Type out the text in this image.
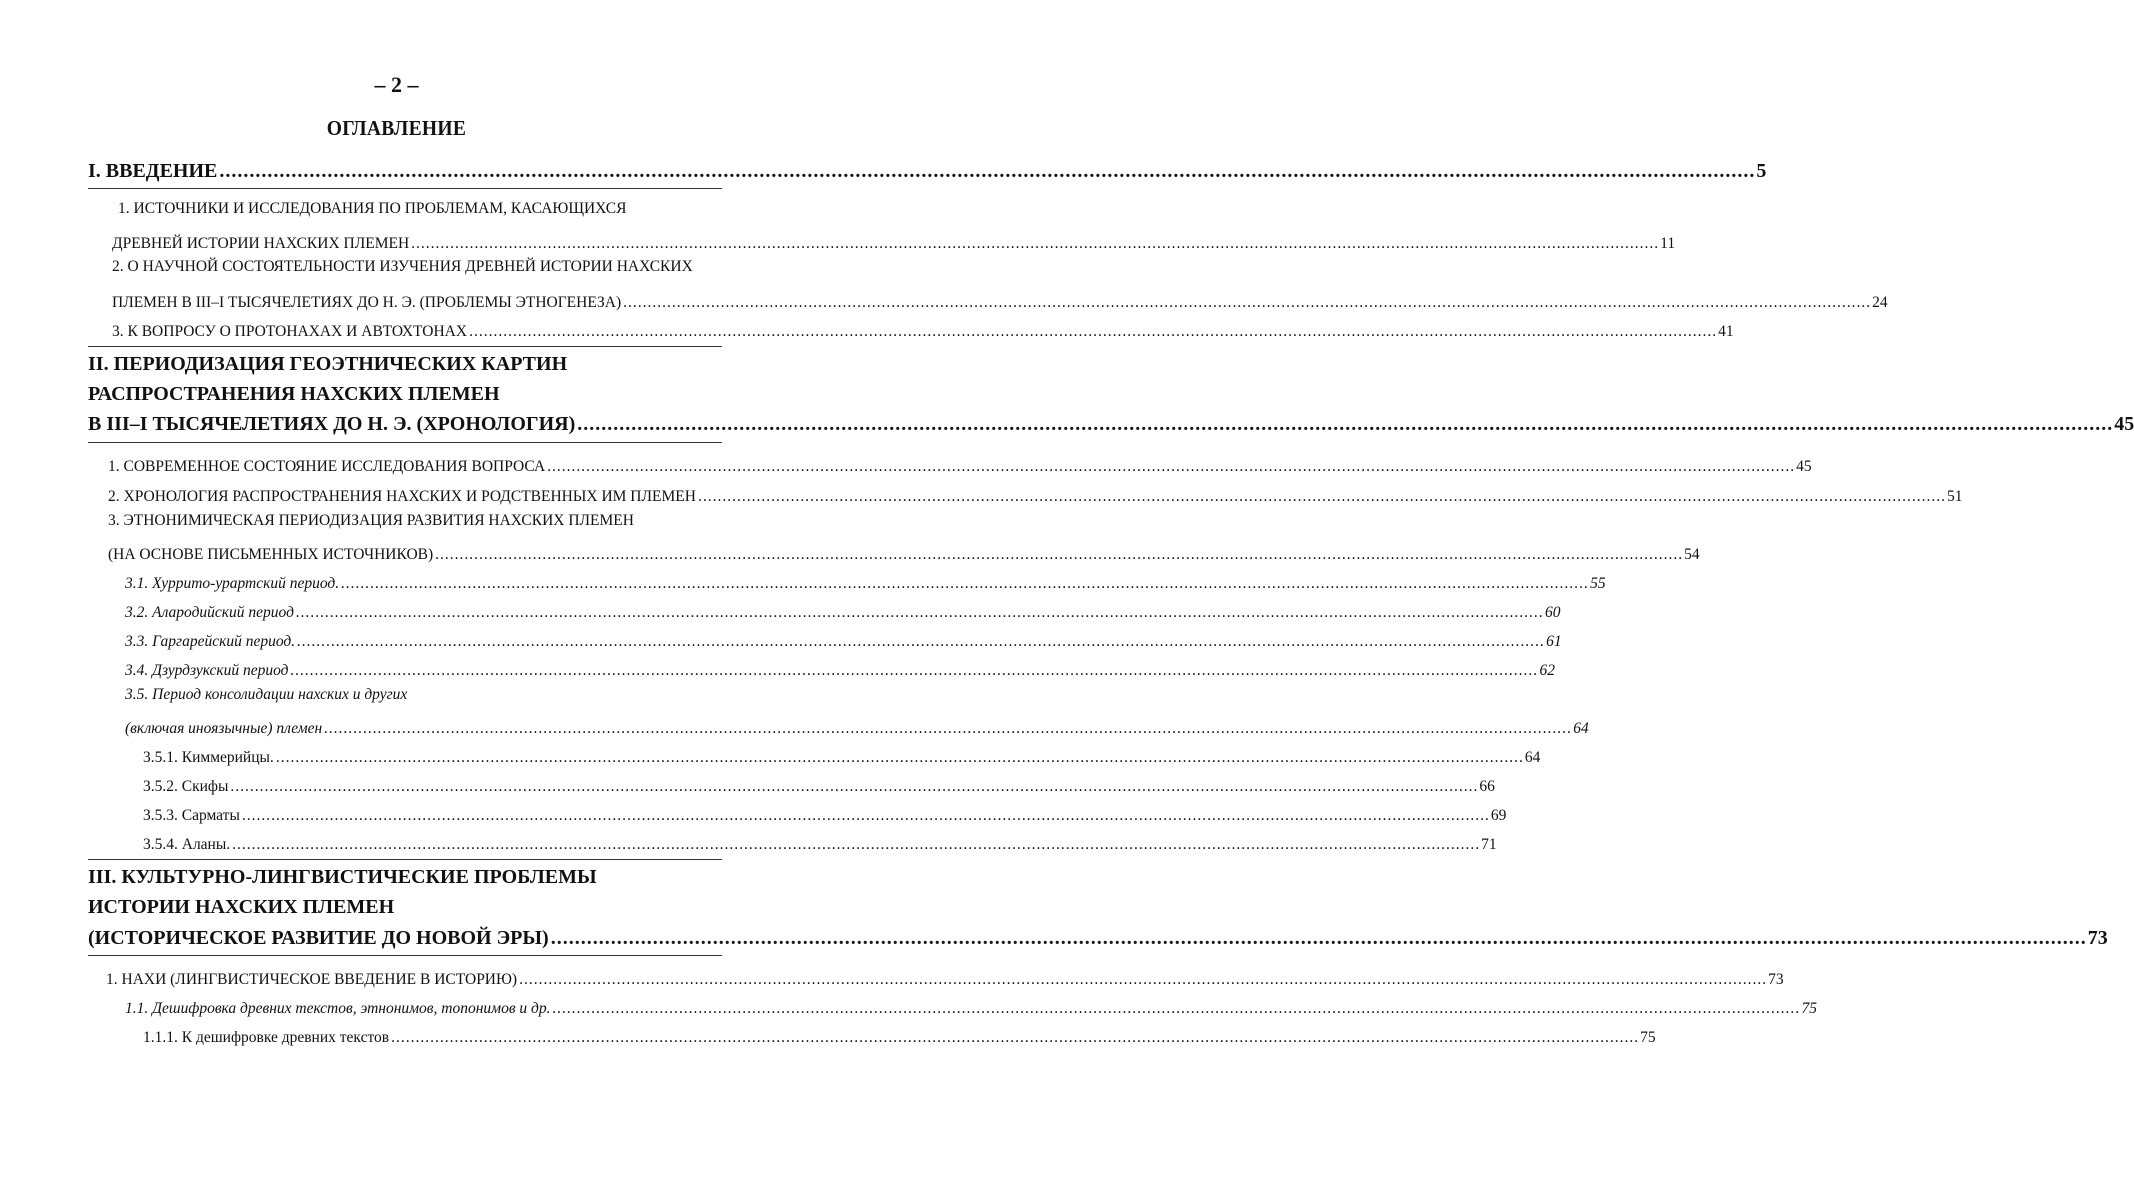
– 2 –
ОГЛАВЛЕНИЕ
I. ВВЕДЕНИЕ .....	5
1. ИСТОЧНИКИ И ИССЛЕДОВАНИЯ ПО ПРОБЛЕМАМ, КАСАЮЩИХСЯ
ДРЕВНЕЙ ИСТОРИИ НАХСКИХ ПЛЕМЕН .....	11
2. О НАУЧНОЙ СОСТОЯТЕЛЬНОСТИ ИЗУЧЕНИЯ ДРЕВНЕЙ ИСТОРИИ НАХСКИХ
ПЛЕМЕН В III–I ТЫСЯЧЕЛЕТИЯХ ДО Н. Э. (ПРОБЛЕМЫ ЭТНОГЕНЕЗА) .....	24
3. К ВОПРОСУ О ПРОТОНАХАХ И АВТОХТОНАХ .....	41
II. ПЕРИОДИЗАЦИЯ ГЕОЭТНИЧЕСКИХ КАРТИН
РАСПРОСТРАНЕНИЯ НАХСКИХ ПЛЕМЕН
В III–I ТЫСЯЧЕЛЕТИЯХ ДО Н. Э. (ХРОНОЛОГИЯ) .....	45
1. СОВРЕМЕННОЕ СОСТОЯНИЕ ИССЛЕДОВАНИЯ ВОПРОСА .....	45
2. ХРОНОЛОГИЯ РАСПРОСТРАНЕНИЯ НАХСКИХ И РОДСТВЕННЫХ ИМ ПЛЕМЕН .....	51
3. ЭТНОНИМИЧЕСКАЯ ПЕРИОДИЗАЦИЯ РАЗВИТИЯ НАХСКИХ ПЛЕМЕН
(НА ОСНОВЕ ПИСЬМЕННЫХ ИСТОЧНИКОВ) .....	54
3.1. Хуррито-урартский период. .....	55
3.2. Алародийский период .....	60
3.3. Гаргарейский период. .....	61
3.4. Дзурдзукский период .....	62
3.5. Период консолидации нахских и других
(включая иноязычные) племен .....	64
3.5.1. Киммерийцы. .....	64
3.5.2. Скифы .....	66
3.5.3. Сарматы .....	69
3.5.4. Аланы. .....	71
III. КУЛЬТУРНО-ЛИНГВИСТИЧЕСКИЕ ПРОБЛЕМЫ
ИСТОРИИ НАХСКИХ ПЛЕМЕН
(ИСТОРИЧЕСКОЕ РАЗВИТИЕ ДО НОВОЙ ЭРЫ) .....	73
1. НАХИ (ЛИНГВИСТИЧЕСКОЕ ВВЕДЕНИЕ В ИСТОРИЮ) .....	73
1.1. Дешифровка древних текстов, этнонимов, топонимов и др. .....	75
1.1.1. К дешифровке древних текстов .....	75
